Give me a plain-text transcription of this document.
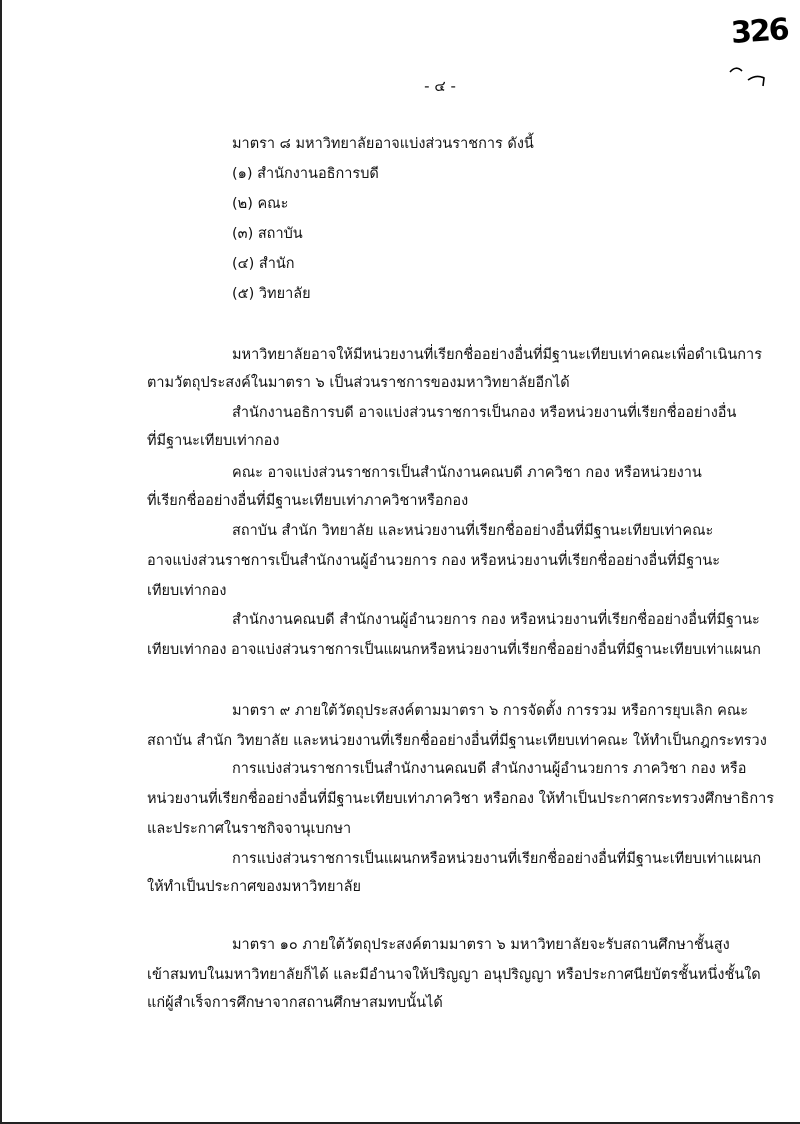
326
- ๔ -
มาตรา ๘ มหาวิทยาลัยอาจแบ่งส่วนราชการ ดังนี้
(๑) สำนักงานอธิการบดี
(๒) คณะ
(๓) สถาบัน
(๔) สำนัก
(๕) วิทยาลัย
มหาวิทยาลัยอาจให้มีหน่วยงานที่เรียกชื่ออย่างอื่นที่มีฐานะเทียบเท่าคณะเพื่อดำเนินการ
ตามวัตถุประสงค์ในมาตรา ๖ เป็นส่วนราชการของมหาวิทยาลัยอีกได้
สำนักงานอธิการบดี อาจแบ่งส่วนราชการเป็นกอง หรือหน่วยงานที่เรียกชื่ออย่างอื่น
ที่มีฐานะเทียบเท่ากอง
คณะ อาจแบ่งส่วนราชการเป็นสำนักงานคณบดี ภาควิชา กอง หรือหน่วยงาน
ที่เรียกชื่ออย่างอื่นที่มีฐานะเทียบเท่าภาควิชาหรือกอง
สถาบัน สำนัก วิทยาลัย และหน่วยงานที่เรียกชื่ออย่างอื่นที่มีฐานะเทียบเท่าคณะ
อาจแบ่งส่วนราชการเป็นสำนักงานผู้อำนวยการ กอง หรือหน่วยงานที่เรียกชื่ออย่างอื่นที่มีฐานะ
เทียบเท่ากอง
สำนักงานคณบดี สำนักงานผู้อำนวยการ กอง หรือหน่วยงานที่เรียกชื่ออย่างอื่นที่มีฐานะ
เทียบเท่ากอง อาจแบ่งส่วนราชการเป็นแผนกหรือหน่วยงานที่เรียกชื่ออย่างอื่นที่มีฐานะเทียบเท่าแผนก
มาตรา ๙ ภายใต้วัตถุประสงค์ตามมาตรา ๖ การจัดตั้ง การรวม หรือการยุบเลิก คณะ
สถาบัน สำนัก วิทยาลัย และหน่วยงานที่เรียกชื่ออย่างอื่นที่มีฐานะเทียบเท่าคณะ ให้ทำเป็นกฎกระทรวง
การแบ่งส่วนราชการเป็นสำนักงานคณบดี สำนักงานผู้อำนวยการ ภาควิชา กอง หรือ
หน่วยงานที่เรียกชื่ออย่างอื่นที่มีฐานะเทียบเท่าภาควิชา หรือกอง ให้ทำเป็นประกาศกระทรวงศึกษาธิการ
และประกาศในราชกิจจานุเบกษา
การแบ่งส่วนราชการเป็นแผนกหรือหน่วยงานที่เรียกชื่ออย่างอื่นที่มีฐานะเทียบเท่าแผนก
ให้ทำเป็นประกาศของมหาวิทยาลัย
มาตรา ๑๐ ภายใต้วัตถุประสงค์ตามมาตรา ๖ มหาวิทยาลัยจะรับสถานศึกษาชั้นสูง
เข้าสมทบในมหาวิทยาลัยก็ได้ และมีอำนาจให้ปริญญา อนุปริญญา หรือประกาศนียบัตรชั้นหนึ่งชั้นใด
แก่ผู้สำเร็จการศึกษาจากสถานศึกษาสมทบนั้นได้
